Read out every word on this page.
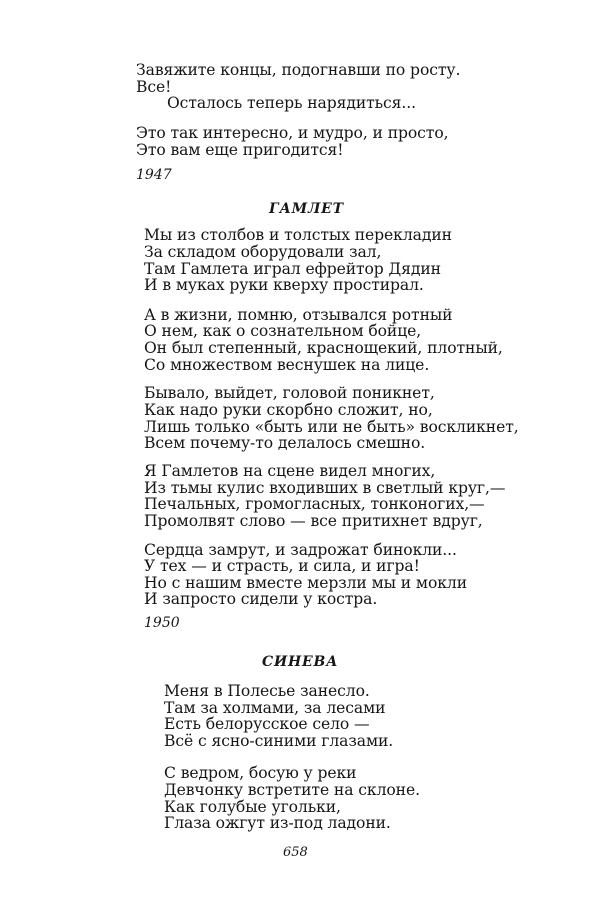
Завяжите концы, подогнавши по росту.
Все!
Осталось теперь нарядиться...
Это так интересно, и мудро, и просто,
Это вам еще пригодится!
1947
ГАМЛЕТ
Мы из столбов и толстых перекладин
За складом оборудовали зал,
Там Гамлета играл ефрейтор Дядин
И в муках руки кверху простирал.
А в жизни, помню, отзывался ротный
О нем, как о сознательном бойце,
Он был степенный, краснощекий, плотный,
Со множеством веснушек на лице.
Бывало, выйдет, головой поникнет,
Как надо руки скорбно сложит, но,
Лишь только «быть или не быть» воскликнет,
Всем почему-то делалось смешно.
Я Гамлетов на сцене видел многих,
Из тьмы кулис входивших в светлый круг,—
Печальных, громогласных, тонконогих,—
Промолвят слово — все притихнет вдруг,
Сердца замрут, и задрожат бинокли...
У тех — и страсть, и сила, и игра!
Но с нашим вместе мерзли мы и мокли
И запросто сидели у костра.
1950
СИНЕВА
Меня в Полесье занесло.
Там за холмами, за лесами
Есть белорусское село —
Всё с ясно-синими глазами.
С ведром, босую у реки
Девчонку встретите на склоне.
Как голубые угольки,
Глаза ожгут из-под ладони.
658
